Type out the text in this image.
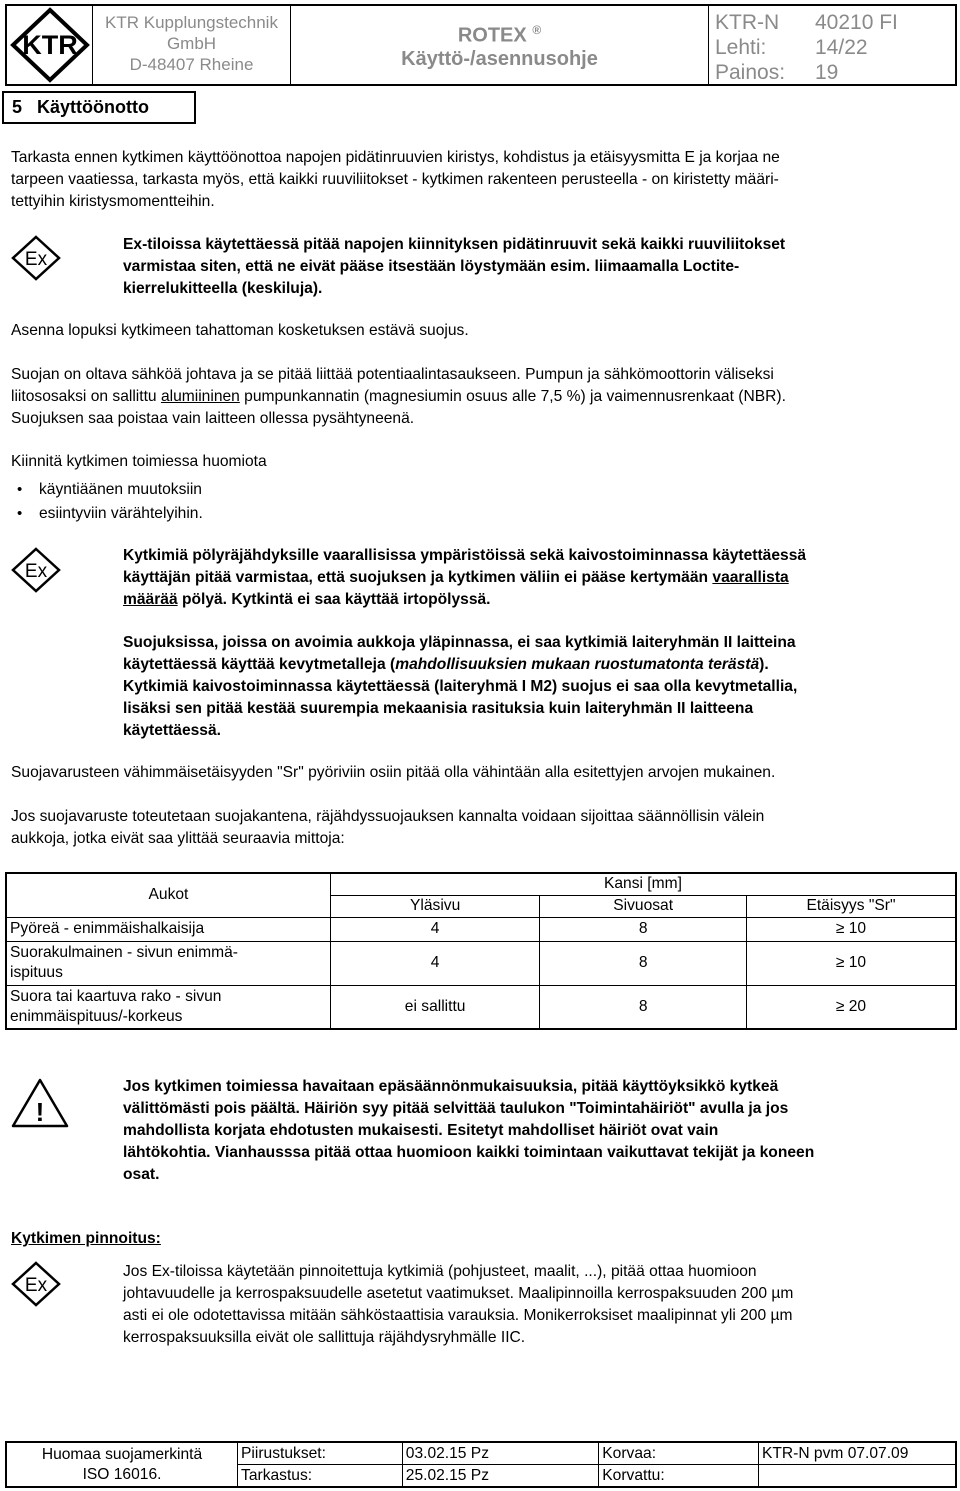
KTR
KTR Kupplungstechnik
GmbH
D-48407 Rheine
ROTEX ®
Käyttö-/asennusohje
KTR-N	40210 FI
Lehti:	14/22
Painos:	19
5 Käyttöönotto

Tarkasta ennen kytkimen käyttöönottoa napojen pidätinruuvien kiristys, kohdistus ja etäisyysmitta E ja korjaa ne

tarpeen vaatiessa, tarkasta myös, että kaikki ruuviliitokset - kytkimen rakenteen perusteella - on kiristetty määri-

tettyihin kiristysmomentteihin.

Ex

Ex-tiloissa käytettäessä pitää napojen kiinnityksen pidätinruuvit sekä kaikki ruuviliitokset

varmistaa siten, että ne eivät pääse itsestään löystymään esim. liimaamalla Loctite-

kierrelukitteella (keskiluja).

Asenna lopuksi kytkimeen tahattoman kosketuksen estävä suojus.

Suojan on oltava sähköä johtava ja se pitää liittää potentiaalintasaukseen. Pumpun ja sähkömoottorin väliseksi

liitososaksi on sallittu alumiininen pumpunkannatin (magnesiumin osuus alle 7,5 %) ja vaimennusrenkaat (NBR).

Suojuksen saa poistaa vain laitteen ollessa pysähtyneenä.

Kiinnitä kytkimen toimiessa huomiota

• käyntiäänen muutoksiin
• esiintyviin värähtelyihin.
Ex

Kytkimiä pölyräjähdyksille vaarallisissa ympäristöissä sekä kaivostoiminnassa käytettäessä

käyttäjän pitää varmistaa, että suojuksen ja kytkimen väliin ei pääse kertymään vaarallista

määrää pölyä. Kytkintä ei saa käyttää irtopölyssä.

Suojuksissa, joissa on avoimia aukkoja yläpinnassa, ei saa kytkimiä laiteryhmän II laitteina

käytettäessä käyttää kevytmetalleja (mahdollisuuksien mukaan ruostumatonta terästä).

Kytkimiä kaivostoiminnassa käytettäessä (laiteryhmä I M2) suojus ei saa olla kevytmetallia,

lisäksi sen pitää kestää suurempia mekaanisia rasituksia kuin laiteryhmän II laitteena

käytettäessä.

Suojavarusteen vähimmäisetäisyyden "Sr" pyöriviin osiin pitää olla vähintään alla esitettyjen arvojen mukainen.

Jos suojavaruste toteutetaan suojakantena, räjähdyssuojauksen kannalta voidaan sijoittaa säännöllisin välein

aukkoja, jotka eivät saa ylittää seuraavia mittoja:

Aukot	Kansi [mm]		
	Yläsivu	Sivuosat	Etäisyys "Sr"
Pyöreä - enimmäishalkaisija	4	8	≥ 10

Suorakulmainen - sivun enimmä-
ispituus	4	8	≥ 10

Suora tai kaartuva rako - sivun
enimmäispituus/-korkeus	ei sallittu	8	≥ 20
!

Jos kytkimen toimiessa havaitaan epäsäännönmukaisuuksia, pitää käyttöyksikkö kytkeä

välittömästi pois päältä. Häiriön syy pitää selvittää taulukon "Toimintahäiriöt" avulla ja jos

mahdollista korjata ehdotusten mukaisesti. Esitetyt mahdolliset häiriöt ovat vain

lähtökohtia. Vianhausssa pitää ottaa huomioon kaikki toimintaan vaikuttavat tekijät ja koneen

osat.

Kytkimen pinnoitus:

Ex

Jos Ex-tiloissa käytetään pinnoitettuja kytkimiä (pohjusteet, maalit, ...), pitää ottaa huomioon

johtavuudelle ja kerrospaksuudelle asetetut vaatimukset. Maalipinnoilla kerrospaksuuden 200 µm

asti ei ole odotettavissa mitään sähköstaattisia varauksia. Monikerroksiset maalipinnat yli 200 µm

kerrospaksuuksilla eivät ole sallittuja räjähdysryhmälle IIC.

Huomaa suojamerkintä
ISO 16016.	Piirustukset:	03.02.15 Pz	Korvaa:	KTR-N pvm 07.07.09
	Tarkastus:	25.02.15 Pz	Korvattu:	
